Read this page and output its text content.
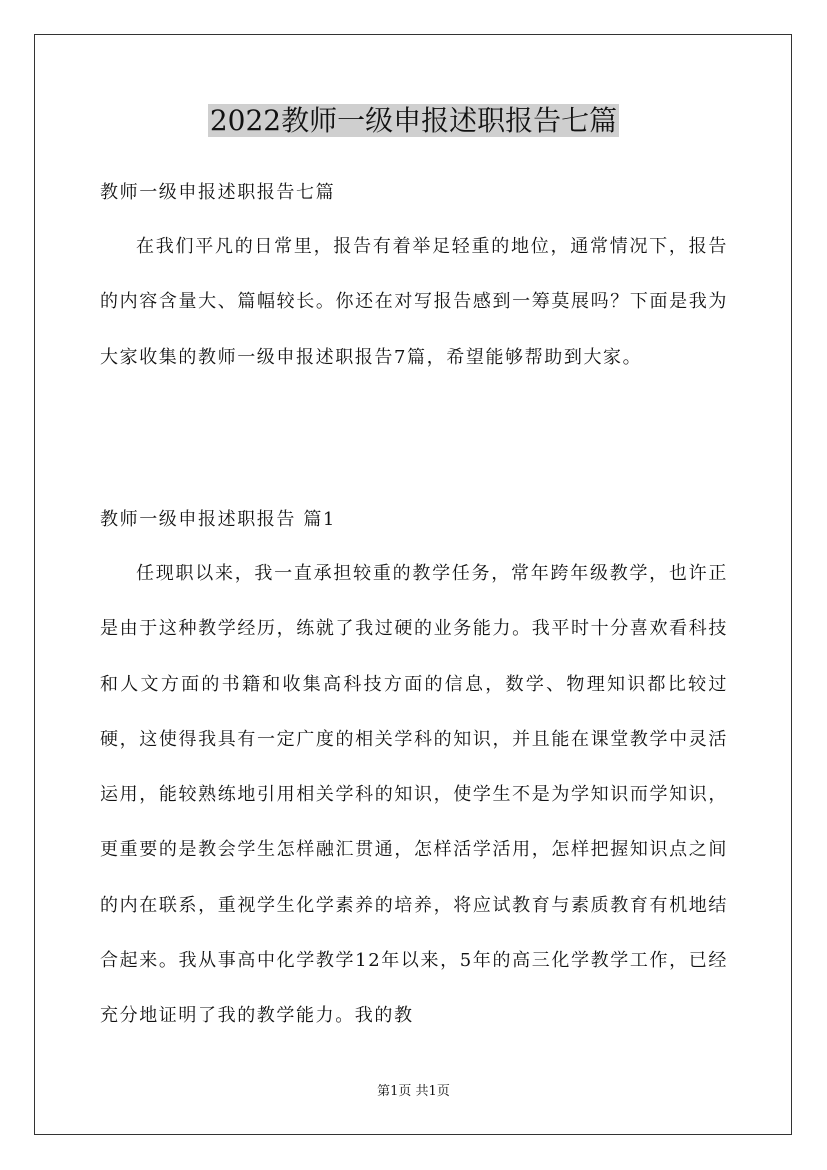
2022教师一级申报述职报告七篇
教师一级申报述职报告七篇

在我们平凡的日常里，报告有着举足轻重的地位，通常情况下，报告的内容含量大、篇幅较长。你还在对写报告感到一筹莫展吗？下面是我为大家收集的教师一级申报述职报告7篇，希望能够帮助到大家。

教师一级申报述职报告 篇1

任现职以来，我一直承担较重的教学任务，常年跨年级教学，也许正是由于这种教学经历，练就了我过硬的业务能力。我平时十分喜欢看科技和人文方面的书籍和收集高科技方面的信息，数学、物理知识都比较过硬，这使得我具有一定广度的相关学科的知识，并且能在课堂教学中灵活运用，能较熟练地引用相关学科的知识，使学生不是为学知识而学知识，更重要的是教会学生怎样融汇贯通，怎样活学活用，怎样把握知识点之间的内在联系，重视学生化学素养的培养，将应试教育与素质教育有机地结合起来。我从事高中化学教学12年以来，5年的高三化学教学工作，已经充分地证明了我的教学能力。我的教

第1页 共1页
